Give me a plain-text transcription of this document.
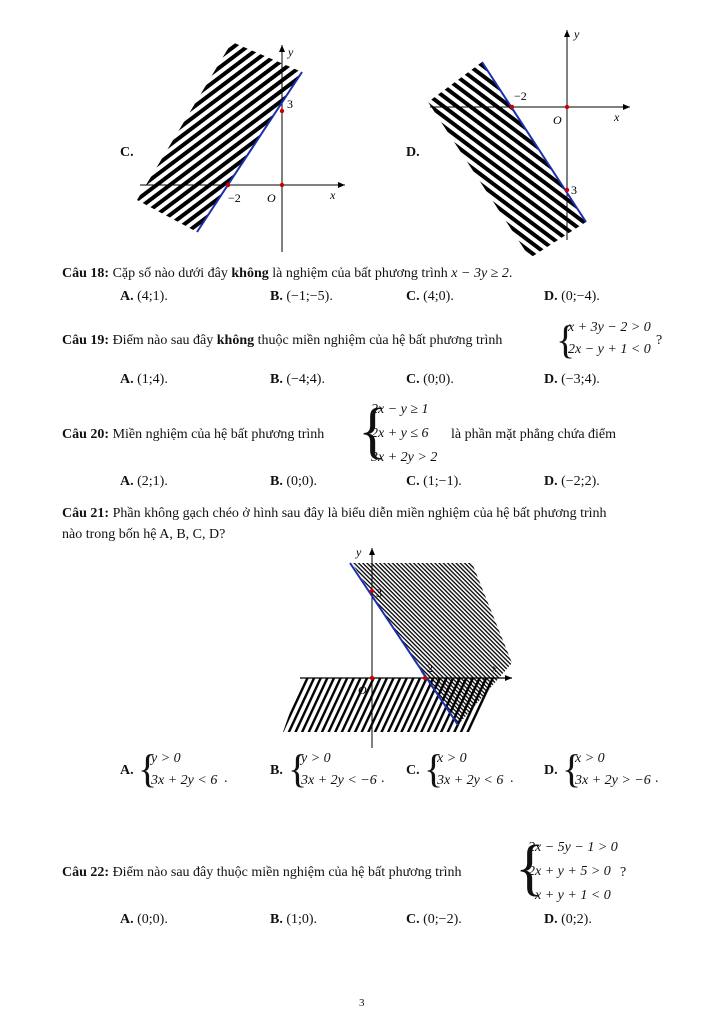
C.
y
x
O
3
−2
D.
y
x
O
3
−2
Câu 18: Cặp số nào dưới đây không là nghiệm của bất phương trình x − 3y ≥ 2.
A. (4;1).	B. (−1;−5).	C. (4;0).	D. (0;−4).
Câu 19: Điểm nào sau đây không thuộc miền nghiệm của hệ bất phương trình {
x + 3y − 2 > 0
2x − y + 1 < 0
?
A. (1;4).	B. (−4;4).	C. (0;0).	D. (−3;4).
Câu 20: Miền nghiệm của hệ bất phương trình {
2x − y ≥ 1
2x + y ≤ 6
3x + 2y > 2
là phần mặt phẳng chứa điểm
A. (2;1).	B. (0;0).	C. (1;−1).	D. (−2;2).
Câu 21: Phần không gạch chéo ở hình sau đây là biểu diễn miền nghiệm của hệ bất phương trình
nào trong bốn hệ A, B, C, D?
y
x
O
3
2
A. {
y > 0
3x + 2y < 6 .
B. {
y > 0
3x + 2y < −6 .
C. {
x > 0
3x + 2y < 6 .
D. {
x > 0
3x + 2y > −6 .
Câu 22: Điểm nào sau đây thuộc miền nghiệm của hệ bất phương trình {
2x − 5y − 1 > 0
2x + y + 5 > 0
x + y + 1 < 0
?
A. (0;0).	B. (1;0).	C. (0;−2).	D. (0;2).
3
